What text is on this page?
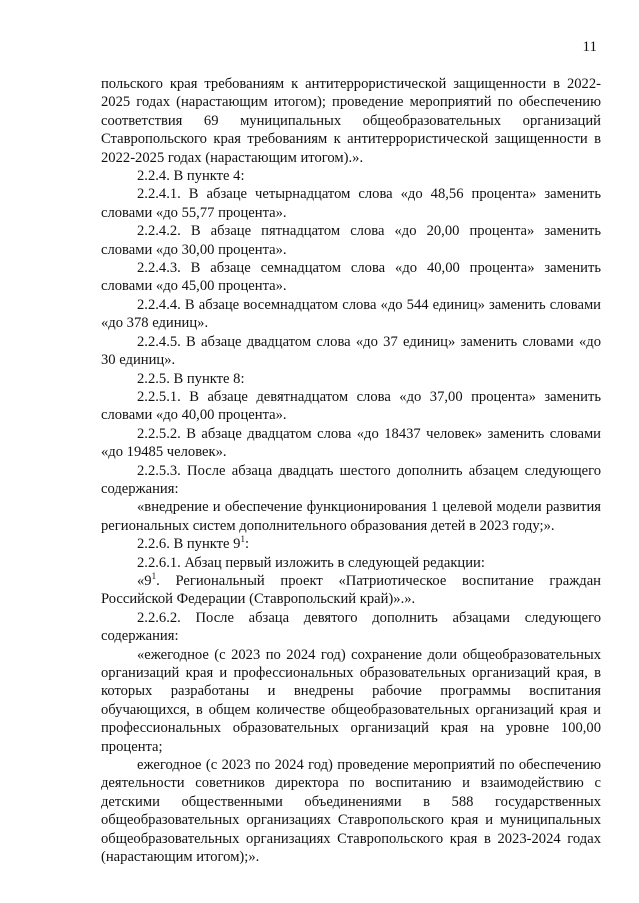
11

польского края требованиям к антитеррористической защищенности в 2022-2025 годах (нарастающим итогом); проведение мероприятий по обеспечению соответствия 69 муниципальных общеобразовательных организаций Ставропольского края требованиям к антитеррористической защищенности в 2022-2025 годах (нарастающим итогом).».

2.2.4. В пункте 4:

2.2.4.1. В абзаце четырнадцатом слова «до 48,56 процента» заменить словами «до 55,77 процента».

2.2.4.2. В абзаце пятнадцатом слова «до 20,00 процента» заменить словами «до 30,00 процента».

2.2.4.3. В абзаце семнадцатом слова «до 40,00 процента» заменить словами «до 45,00 процента».

2.2.4.4. В абзаце восемнадцатом слова «до 544 единиц» заменить словами «до 378 единиц».

2.2.4.5. В абзаце двадцатом слова «до 37 единиц» заменить словами «до 30 единиц».

2.2.5. В пункте 8:

2.2.5.1. В абзаце девятнадцатом слова «до 37,00 процента» заменить словами «до 40,00 процента».

2.2.5.2. В абзаце двадцатом слова «до 18437 человек» заменить словами «до 19485 человек».

2.2.5.3. После абзаца двадцать шестого дополнить абзацем следующего содержания:

«внедрение и обеспечение функционирования 1 целевой модели развития региональных систем дополнительного образования детей в 2023 году;».

2.2.6. В пункте $9^1$:

2.2.6.1. Абзац первый изложить в следующей редакции:

«$9^1$. Региональный проект «Патриотическое воспитание граждан Российской Федерации (Ставропольский край)».».

2.2.6.2. После абзаца девятого дополнить абзацами следующего содержания:

«ежегодное (с 2023 по 2024 год) сохранение доли общеобразовательных организаций края и профессиональных образовательных организаций края, в которых разработаны и внедрены рабочие программы воспитания обучающихся, в общем количестве общеобразовательных организаций края и профессиональных образовательных организаций края на уровне 100,00 процента;

ежегодное (с 2023 по 2024 год) проведение мероприятий по обеспечению деятельности советников директора по воспитанию и взаимодействию с детскими общественными объединениями в 588 государственных общеобразовательных организациях Ставропольского края и муниципальных общеобразовательных организациях Ставропольского края в 2023-2024 годах (нарастающим итогом);».
